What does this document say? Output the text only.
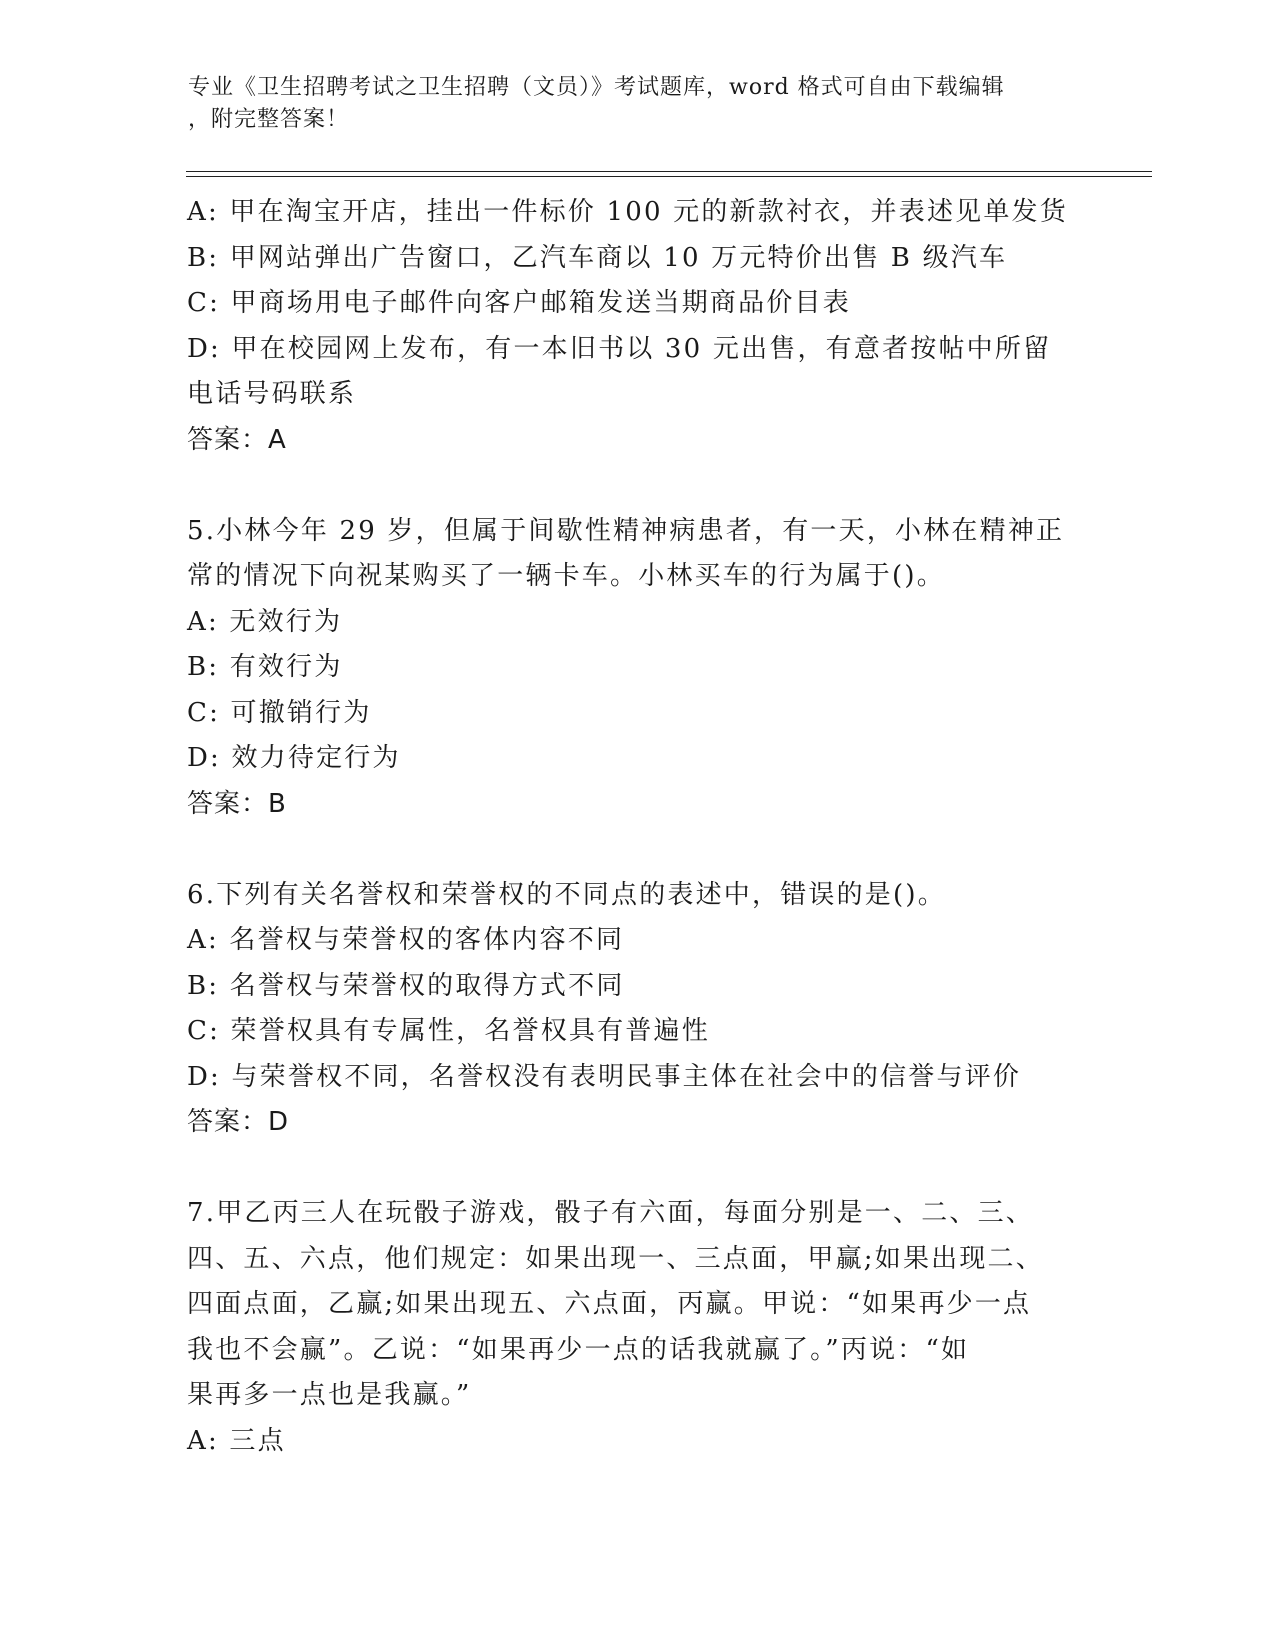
专业《卫生招聘考试之卫生招聘（文员）》考试题库，word 格式可自由下载编辑
，附完整答案！
A: 甲在淘宝开店，挂出一件标价 100 元的新款衬衣，并表述见单发货
B: 甲网站弹出广告窗口，乙汽车商以 10 万元特价出售 B 级汽车
C: 甲商场用电子邮件向客户邮箱发送当期商品价目表
D: 甲在校园网上发布，有一本旧书以 30 元出售，有意者按帖中所留
电话号码联系
答案：A
5.小林今年 29 岁，但属于间歇性精神病患者，有一天，小林在精神正
常的情况下向祝某购买了一辆卡车。小林买车的行为属于()。
A: 无效行为
B: 有效行为
C: 可撤销行为
D: 效力待定行为
答案：B
6.下列有关名誉权和荣誉权的不同点的表述中，错误的是()。
A: 名誉权与荣誉权的客体内容不同
B: 名誉权与荣誉权的取得方式不同
C: 荣誉权具有专属性，名誉权具有普遍性
D: 与荣誉权不同，名誉权没有表明民事主体在社会中的信誉与评价
答案：D
7.甲乙丙三人在玩骰子游戏，骰子有六面，每面分别是一、二、三、
四、五、六点，他们规定：如果出现一、三点面，甲赢;如果出现二、
四面点面，乙赢;如果出现五、六点面，丙赢。甲说：“如果再少一点
我也不会赢”。乙说：“如果再少一点的话我就赢了。”丙说：“如
果再多一点也是我赢。”
A: 三点
